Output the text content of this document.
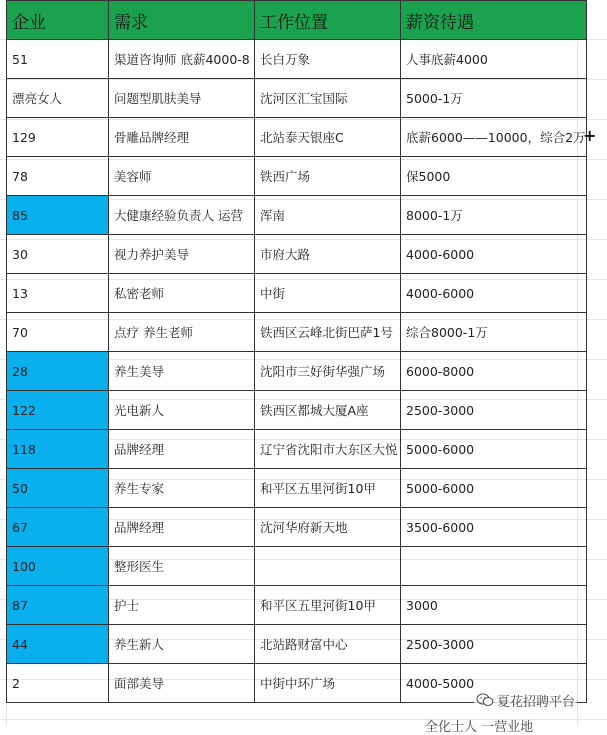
企业	需求	工作位置	薪资待遇
51	渠道咨询师 底薪4000-8	长白万象	人事底薪4000
漂亮女人	问题型肌肤美导	沈河区汇宝国际	5000-1万
129	骨雕品牌经理	北站泰天银座C	底薪6000——10000，综合2万
+

78	美容师	铁西广场	保5000
85	大健康经验负责人 运营	浑南	8000-1万
30	视力养护美导	市府大路	4000-6000
13	私密老师	中街	4000-6000
70	点疗 养生老师	铁西区云峰北街巴萨1号	综合8000-1万
28	养生美导	沈阳市三好街华强广场	6000-8000
122	光电新人	铁西区都城大厦A座	2500-3000
118	品牌经理	辽宁省沈阳市大东区大悦	5000-6000
50	养生专家	和平区五里河街10甲	5000-6000
67	品牌经理	沈河华府新天地	3500-6000
100	整形医生		
87	护士	和平区五里河街10甲	3000
44	养生新人	北站路财富中心	2500-3000
2	面部美导	中街中环广场	4000-5000
全化士人 一营业地
夏花招聘平台
